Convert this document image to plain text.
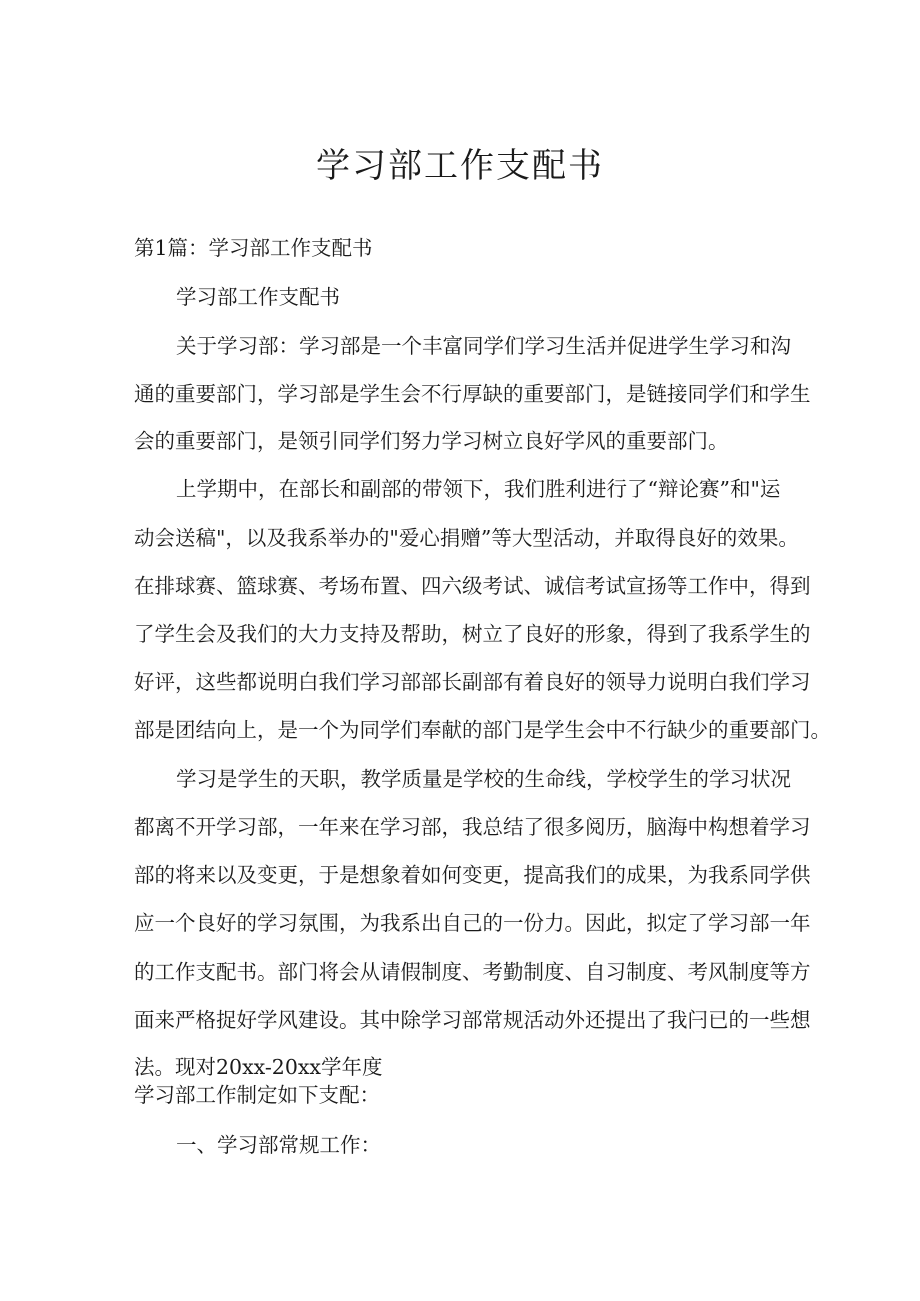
学习部工作支配书

第1篇：学习部工作支配书

学习部工作支配书

关于学习部：学习部是一个丰富同学们学习生活并促进学生学习和沟

通的重要部门，学习部是学生会不行厚缺的重要部门，是链接同学们和学生

会的重要部门，是领引同学们努力学习树立良好学风的重要部门。

上学期中，在部长和副部的带领下，我们胜利进行了“辩论赛”和"运

动会送稿"，以及我系举办的"爱心捐赠”等大型活动，并取得良好的效果。

在排球赛、篮球赛、考场布置、四六级考试、诚信考试宣扬等工作中，得到

了学生会及我们的大力支持及帮助，树立了良好的形象，得到了我系学生的

好评，这些都说明白我们学习部部长副部有着良好的领导力说明白我们学习

部是团结向上，是一个为同学们奉献的部门是学生会中不行缺少的重要部门。

学习是学生的天职，教学质量是学校的生命线，学校学生的学习状况

都离不开学习部，一年来在学习部，我总结了很多阅历，脑海中构想着学习

部的将来以及变更，于是想象着如何变更，提高我们的成果，为我系同学供

应一个良好的学习氛围，为我系出自己的一份力。因此，拟定了学习部一年

的工作支配书。部门将会从请假制度、考勤制度、自习制度、考风制度等方

面来严格捉好学风建设。其中除学习部常规活动外还提出了我闩已的一些想

法。现对20xx-20xx学年度

学习部工作制定如下支配：

一、学习部常规工作：
